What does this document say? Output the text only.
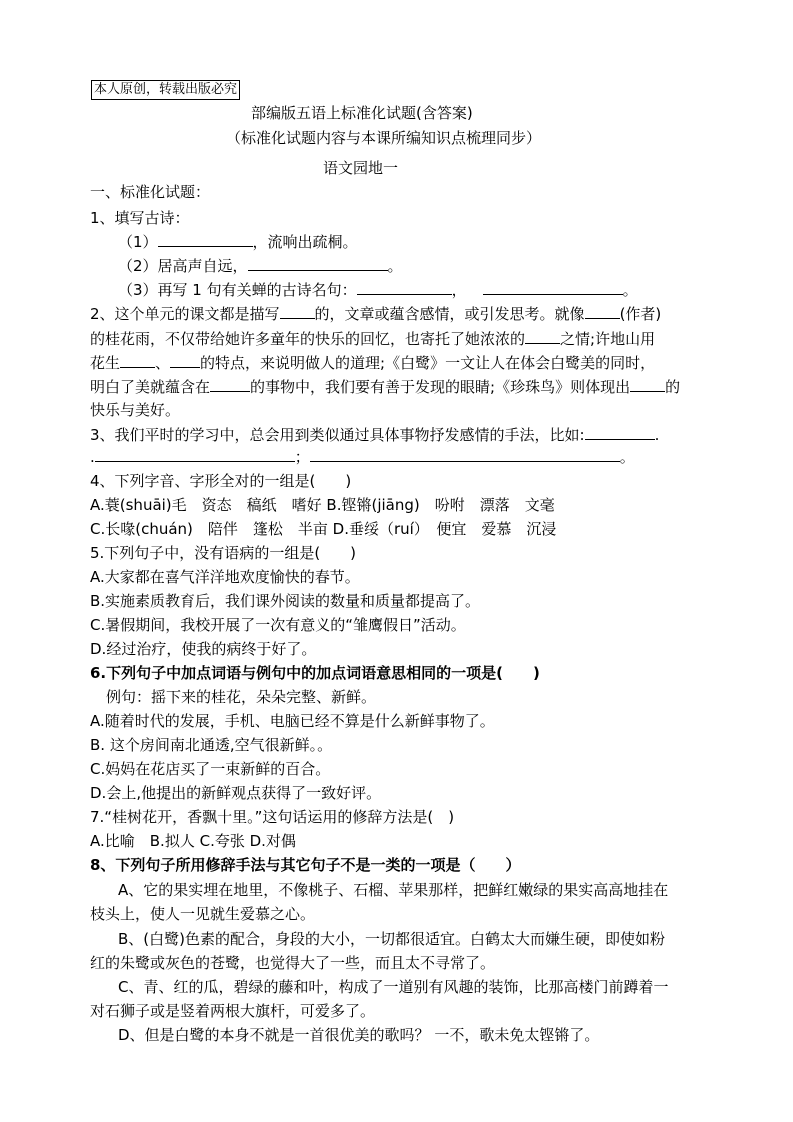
本人原创，转载出版必究
部编版五语上标准化试题(含答案)
（标准化试题内容与本课所编知识点梳理同步）
语文园地一
一、标准化试题：
1、填写古诗：
（1）	，流响出疏桐。
（2）居高声自远，	。
（3）再写 1 句有关蝉的古诗名句：	，	。
2、这个单元的课文都是描写 的，文章或蕴含感情，或引发思考。就像 (作者)
的桂花雨，不仅带给她许多童年的快乐的回忆，也寄托了她浓浓的 之情;许地山用
花生 、 的特点，来说明做人的道理;《白鹭》一文让人在体会白鹭美的同时，
明白了美就蕴含在	的事物中，我们要有善于发现的眼睛;《珍珠鸟》则体现出 的
快乐与美好。
3、我们平时的学习中，总会用到类似通过具体事物抒发感情的手法，比如:	.
.	；	。
4、下列字音、字形全对的一组是(　　)
A.蓑(shuāi)毛　资态　稿纸　嗜好 B.铿锵(jiāng)　吩咐　漂落　文毫
C.长喙(chuán)　陪伴　篷松　半亩 D.垂绥（ruí）　便宜　爱慕　沉浸
5.下列句子中，没有语病的一组是(　　)
A.大家都在喜气洋洋地欢度愉快的春节。
B.实施素质教育后，我们课外阅读的数量和质量都提高了。
C.暑假期间，我校开展了一次有意义的“雏鹰假日”活动。
D.经过治疗，使我的病终于好了。
6.下列句子中加点词语与例句中的加点词语意思相同的一项是(　　)
例句：摇下来的桂花，朵朵完整、新鲜。
A.随着时代的发展，手机、电脑已经不算是什么新鲜事物了。
B. 这个房间南北通透,空气很新鲜。。
C.妈妈在花店买了一束新鲜的百合。
D.会上,他提出的新鲜观点获得了一致好评。
7.“桂树花开，香飘十里。”这句话运用的修辞方法是(　)
A.比喻　B.拟人 C.夸张 D.对偶
8、下列句子所用修辞手法与其它句子不是一类的一项是（　　）
A、它的果实埋在地里，不像桃子、石榴、苹果那样，把鲜红嫩绿的果实高高地挂在
枝头上，使人一见就生爱慕之心。
B、(白鹭)色素的配合，身段的大小，一切都很适宜。白鹤太大而嫌生硬，即使如粉
红的朱鹭或灰色的苍鹭，也觉得大了一些，而且太不寻常了。
C、青、红的瓜，碧绿的藤和叶，构成了一道别有风趣的装饰，比那高楼门前蹲着一
对石狮子或是竖着两根大旗杆，可爱多了。
D、但是白鹭的本身不就是一首很优美的歌吗？ 一不，歌未免太铿锵了。
